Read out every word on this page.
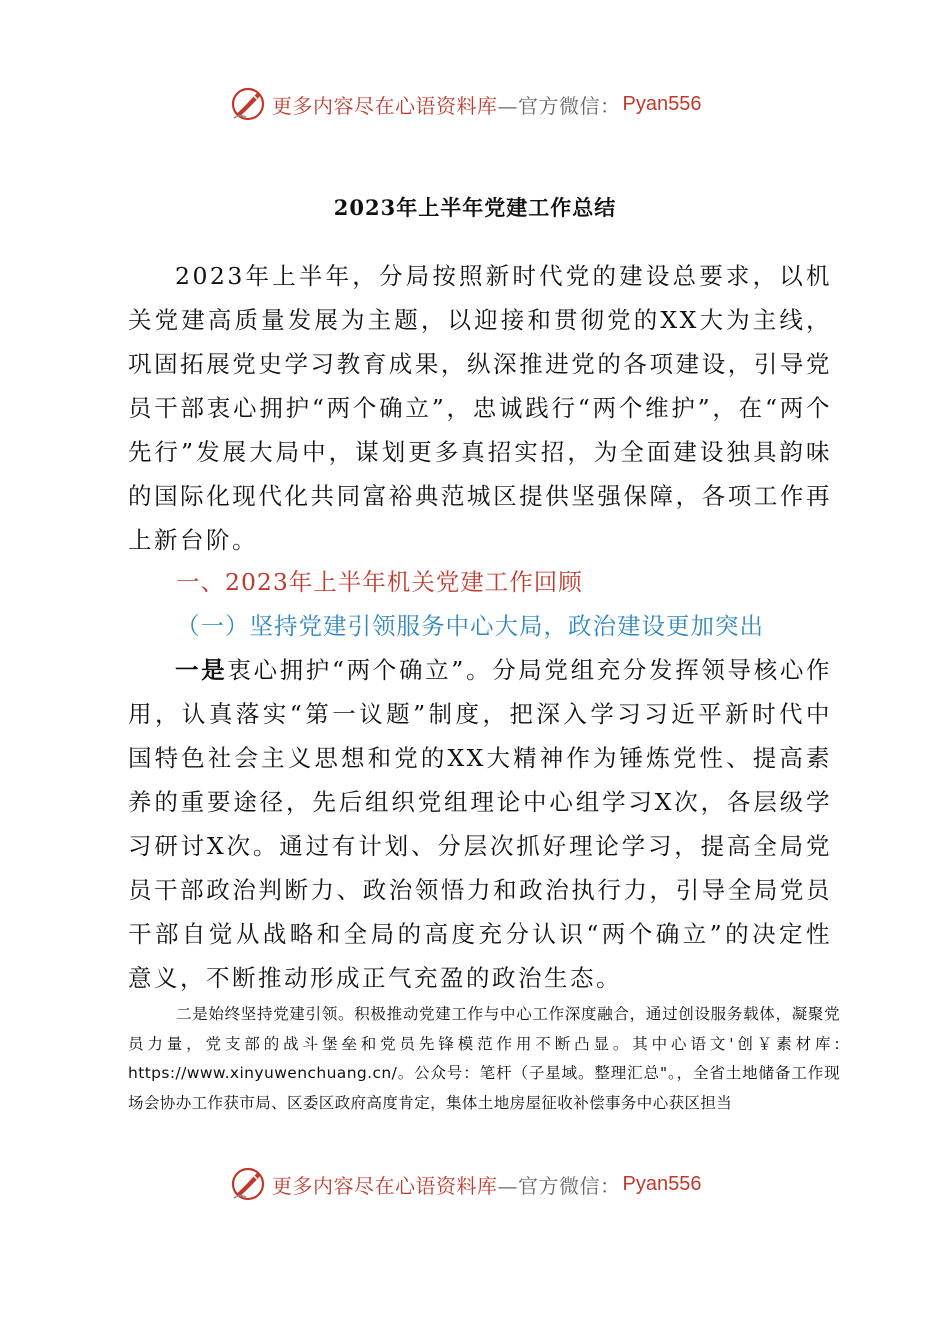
更多内容尽在心语资料库 —官方微信： Pyan556
2023年上半年党建工作总结
2023年上半年，分局按照新时代党的建设总要求，以机关党建高质量发展为主题，以迎接和贯彻党的XX大为主线，巩固拓展党史学习教育成果，纵深推进党的各项建设，引导党员干部衷心拥护“两个确立”，忠诚践行“两个维护”，在“两个先行”发展大局中，谋划更多真招实招，为全面建设独具韵味的国际化现代化共同富裕典范城区提供坚强保障，各项工作再上新台阶。
一、2023年上半年机关党建工作回顾
（一）坚持党建引领服务中心大局，政治建设更加突出
一是衷心拥护“两个确立”。分局党组充分发挥领导核心作用，认真落实“第一议题”制度，把深入学习习近平新时代中国特色社会主义思想和党的XX大精神作为锤炼党性、提高素养的重要途径，先后组织党组理论中心组学习X次，各层级学习研讨X次。通过有计划、分层次抓好理论学习，提高全局党员干部政治判断力、政治领悟力和政治执行力，引导全局党员干部自觉从战略和全局的高度充分认识“两个确立”的决定性意义，不断推动形成正气充盈的政治生态。
二是始终坚持党建引领。积极推动党建工作与中心工作深度融合，通过创设服务载体，凝聚党员力量，党支部的战斗堡垒和党员先锋模范作用不断凸显。其中心语文'创￥素材库: https://www.xinyuwenchuang.cn/。公众号：笔杆（子星域。整理汇总"。，全省土地储备工作现场会协办工作获市局、区委区政府高度肯定，集体土地房屋征收补偿事务中心获区担当
更多内容尽在心语资料库 —官方微信： Pyan556
